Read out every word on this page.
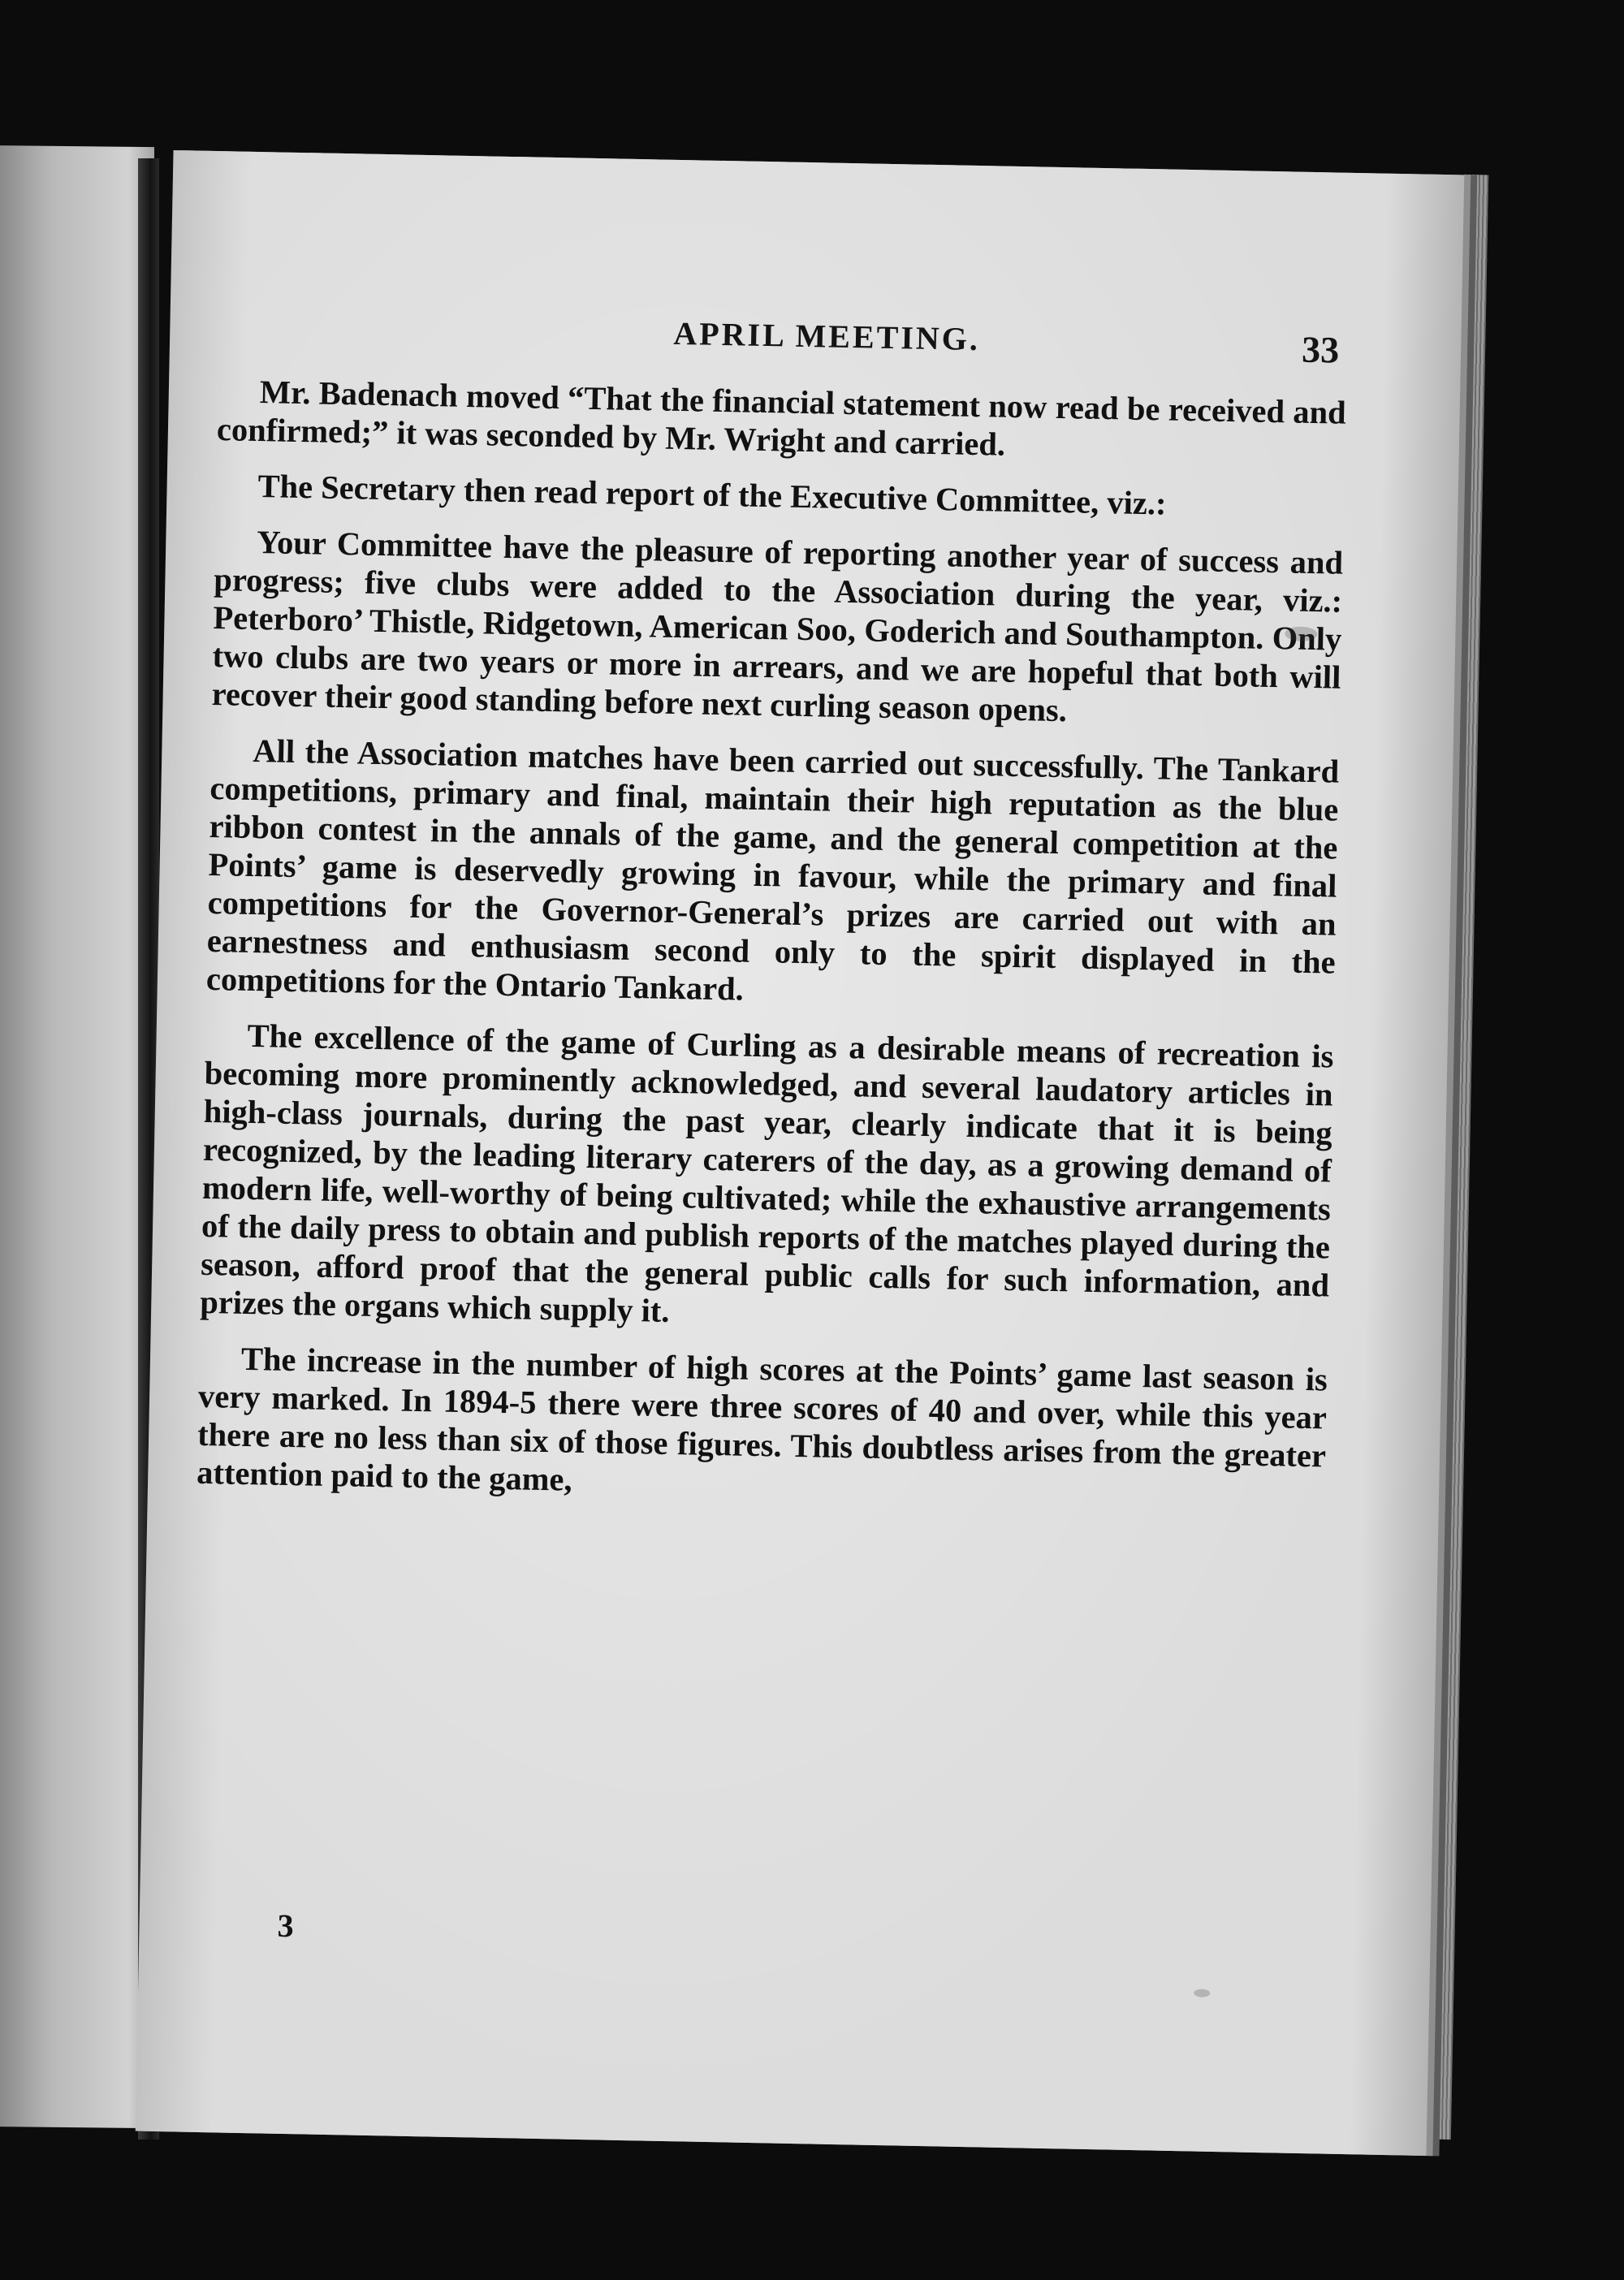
APRIL MEETING.	33

Mr. Badenach moved “That the financial statement now read be received and confirmed;” it was seconded by Mr. Wright and carried.

The Secretary then read report of the Executive Committee, viz.:

Your Committee have the pleasure of reporting another year of success and progress; five clubs were added to the Association during the year, viz.: Peterboro’ Thistle, Ridgetown, American Soo, Goderich and Southampton. Only two clubs are two years or more in arrears, and we are hopeful that both will recover their good standing before next curling season opens.

All the Association matches have been carried out successfully. The Tankard competitions, primary and final, maintain their high reputation as the blue ribbon contest in the annals of the game, and the general competition at the Points’ game is deservedly growing in favour, while the primary and final competitions for the Governor-General’s prizes are carried out with an earnestness and enthusiasm second only to the spirit displayed in the competitions for the Ontario Tankard.

The excellence of the game of Curling as a desirable means of recreation is becoming more prominently acknowledged, and several laudatory articles in high-class journals, during the past year, clearly indicate that it is being recognized, by the leading literary caterers of the day, as a growing demand of modern life, well-worthy of being cultivated; while the exhaustive arrangements of the daily press to obtain and publish reports of the matches played during the season, afford proof that the general public calls for such information, and prizes the organs which supply it.

The increase in the number of high scores at the Points’ game last season is very marked. In 1894-5 there were three scores of 40 and over, while this year there are no less than six of those figures. This doubtless arises from the greater attention paid to the game,

3
